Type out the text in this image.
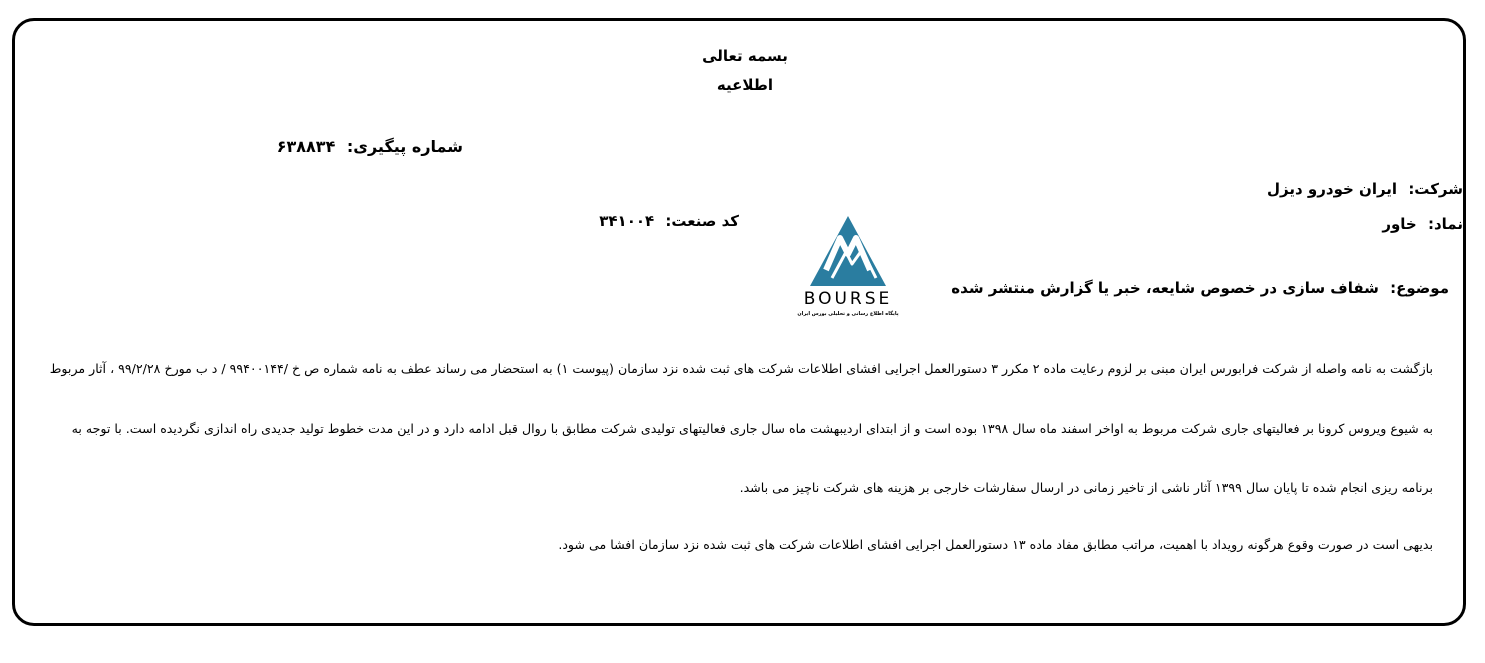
بسمه تعالی
اطلاعیه
شماره پیگیری: ۶۳۸۸۳۴
شرکت: ایران خودرو دیزل
نماد: خاور
کد صنعت: ۳۴۱۰۰۴
موضوع: شفاف سازی در خصوص شایعه، خبر یا گزارش منتشر شده
BOURSE
پایگاه اطلاع رسانی و تحلیلی بورس ایران
بازگشت به نامه واصله از شرکت فرابورس ایران مبنی بر لزوم رعایت ماده ۲ مکرر ۳ دستورالعمل اجرایی افشای اطلاعات شرکت های ثبت شده نزد سازمان (پیوست ۱) به استحضار می رساند عطف به نامه شماره ص خ /۹۹۴۰۰۱۴۴ / د ب مورخ ۹۹/۲/۲۸ ، آثار مربوط
به شیوع ویروس کرونا بر فعالیتهای جاری شرکت مربوط به اواخر اسفند ماه سال ۱۳۹۸ بوده است و از ابتدای اردیبهشت ماه سال جاری فعالیتهای تولیدی شرکت مطابق با روال قبل ادامه دارد و در این مدت خطوط تولید جدیدی راه اندازی نگردیده است. با توجه به
برنامه ریزی انجام شده تا پایان سال ۱۳۹۹ آثار ناشی از تاخیر زمانی در ارسال سفارشات خارجی بر هزینه های شرکت ناچیز می باشد.
بدیهی است در صورت وقوع هرگونه رویداد با اهمیت، مراتب مطابق مفاد ماده ۱۳ دستورالعمل اجرایی افشای اطلاعات شرکت های ثبت شده نزد سازمان افشا می شود.
